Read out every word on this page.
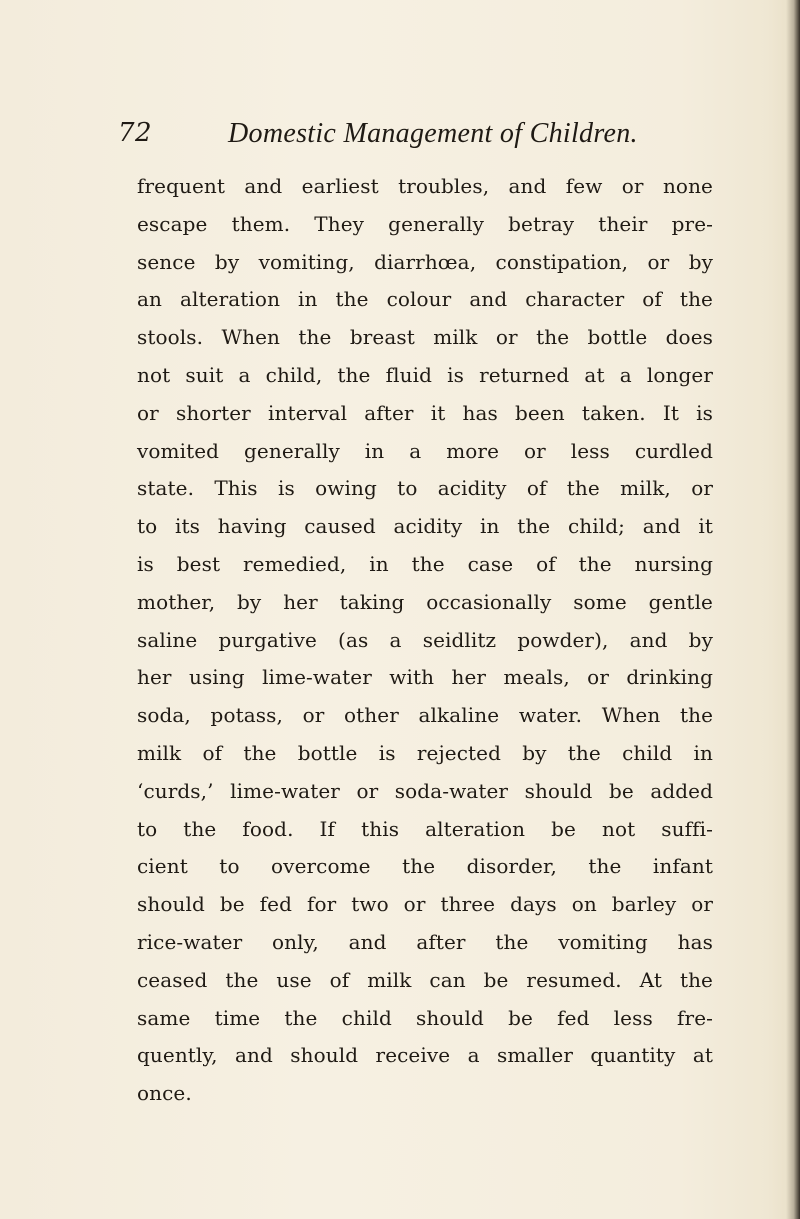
72	Domestic Management of Children.
frequent and earliest troubles, and few or none
escape them. They generally betray their pre-
sence by vomiting, diarrhœa, constipation, or by
an alteration in the colour and character of the
stools. When the breast milk or the bottle does
not suit a child, the fluid is returned at a longer
or shorter interval after it has been taken. It is
vomited generally in a more or less curdled
state. This is owing to acidity of the milk, or
to its having caused acidity in the child; and it
is best remedied, in the case of the nursing
mother, by her taking occasionally some gentle
saline purgative (as a seidlitz powder), and by
her using lime-water with her meals, or drinking
soda, potass, or other alkaline water. When the
milk of the bottle is rejected by the child in
‘curds,’ lime-water or soda-water should be added
to the food. If this alteration be not suffi-
cient to overcome the disorder, the infant
should be fed for two or three days on barley or
rice-water only, and after the vomiting has
ceased the use of milk can be resumed. At the
same time the child should be fed less fre-
quently, and should receive a smaller quantity at
once.
